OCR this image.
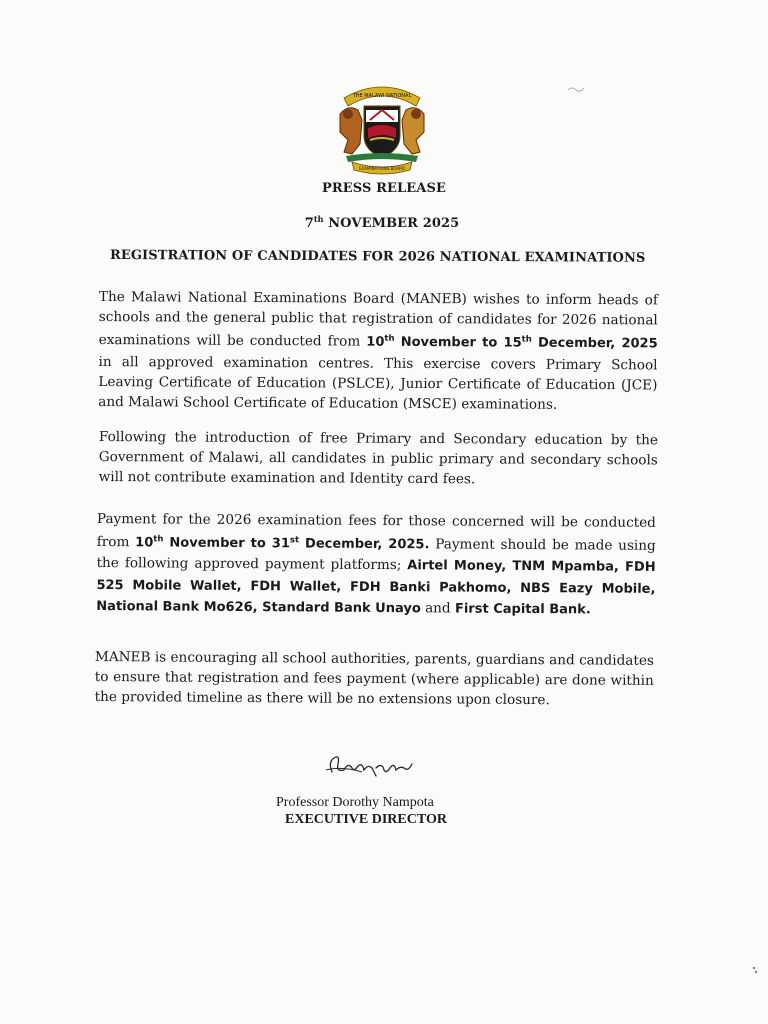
THE MALAWI NATIONAL
EXAMINATIONS BOARD
PRESS RELEASE
7th NOVEMBER 2025
REGISTRATION OF CANDIDATES FOR 2026 NATIONAL EXAMINATIONS
The Malawi National Examinations Board (MANEB) wishes to inform heads of schools and the general public that registration of candidates for 2026 national examinations will be conducted from 10th November to 15th December, 2025 in all approved examination centres. This exercise covers Primary School Leaving Certificate of Education (PSLCE), Junior Certificate of Education (JCE) and Malawi School Certificate of Education (MSCE) examinations.
Following the introduction of free Primary and Secondary education by the Government of Malawi, all candidates in public primary and secondary schools will not contribute examination and Identity card fees.
Payment for the 2026 examination fees for those concerned will be conducted from 10th November to 31st December, 2025. Payment should be made using the following approved payment platforms; Airtel Money, TNM Mpamba, FDH 525 Mobile Wallet, FDH Wallet, FDH Banki Pakhomo, NBS Eazy Mobile, National Bank Mo626, Standard Bank Unayo and First Capital Bank.
MANEB is encouraging all school authorities, parents, guardians and candidates to ensure that registration and fees payment (where applicable) are done within the provided timeline as there will be no extensions upon closure.
Professor Dorothy Nampota
EXECUTIVE DIRECTOR
